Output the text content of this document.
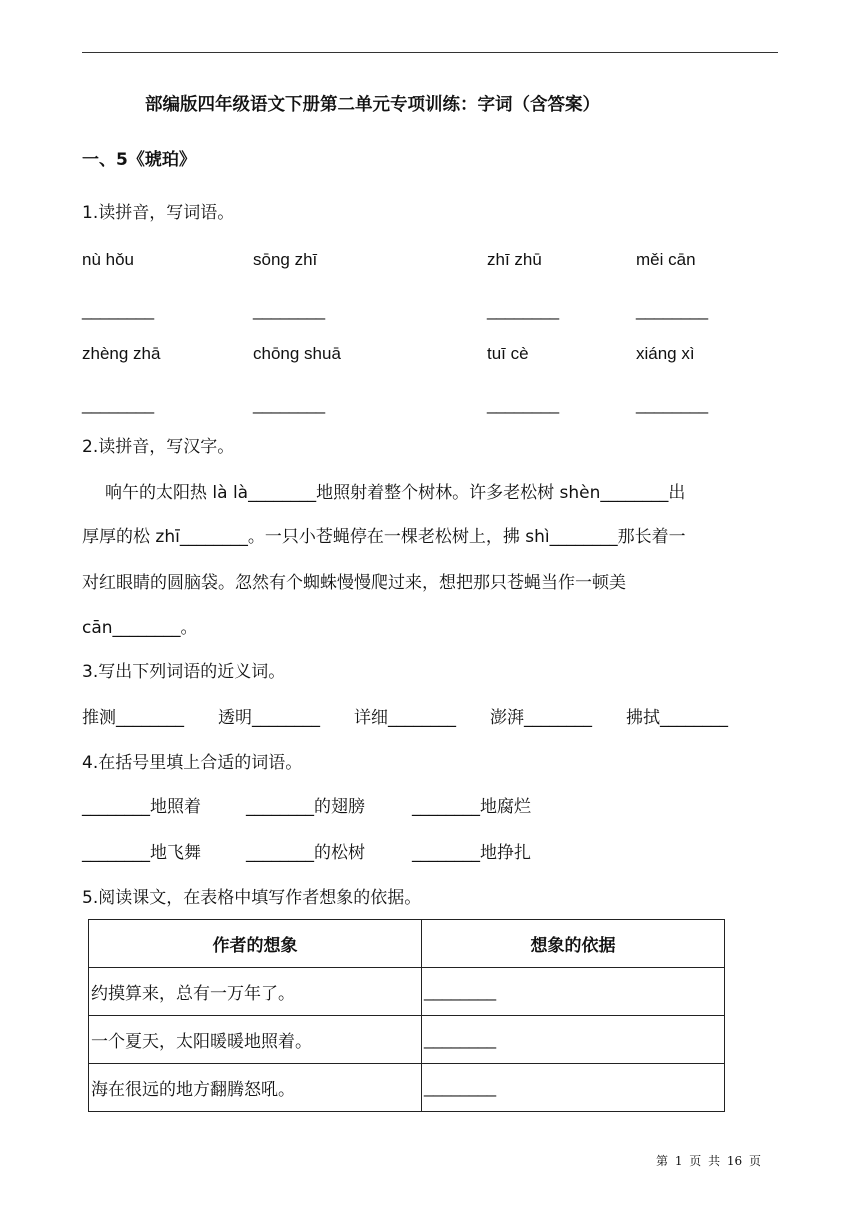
部编版四年级语文下册第二单元专项训练：字词（含答案）
一、5《琥珀》
1.读拼音，写词语。
nù hǒu	sōng zhī	zhī zhū	měi cān
________	________	________	________
zhèng zhā	chōng shuā	tuī cè	xiáng xì
________	________	________	________
2.读拼音，写汉字。
响午的太阳热 là là________地照射着整个树林。许多老松树 shèn________出
厚厚的松 zhī________。一只小苍蝇停在一棵老松树上，拂 shì________那长着一
对红眼睛的圆脑袋。忽然有个蜘蛛慢慢爬过来，想把那只苍蝇当作一顿美
cān________。
3.写出下列词语的近义词。
推测________ 透明________ 详细________ 澎湃________ 拂拭________
4.在括号里填上合适的词语。
________地照着	________的翅膀	________地腐烂
________地飞舞	________的松树	________地挣扎
5.阅读课文，在表格中填写作者想象的依据。
作者的想象	想象的依据
约摸算来，总有一万年了。	________
一个夏天，太阳暖暖地照着。	________
海在很远的地方翻腾怒吼。	________
第 1 页 共 16 页
